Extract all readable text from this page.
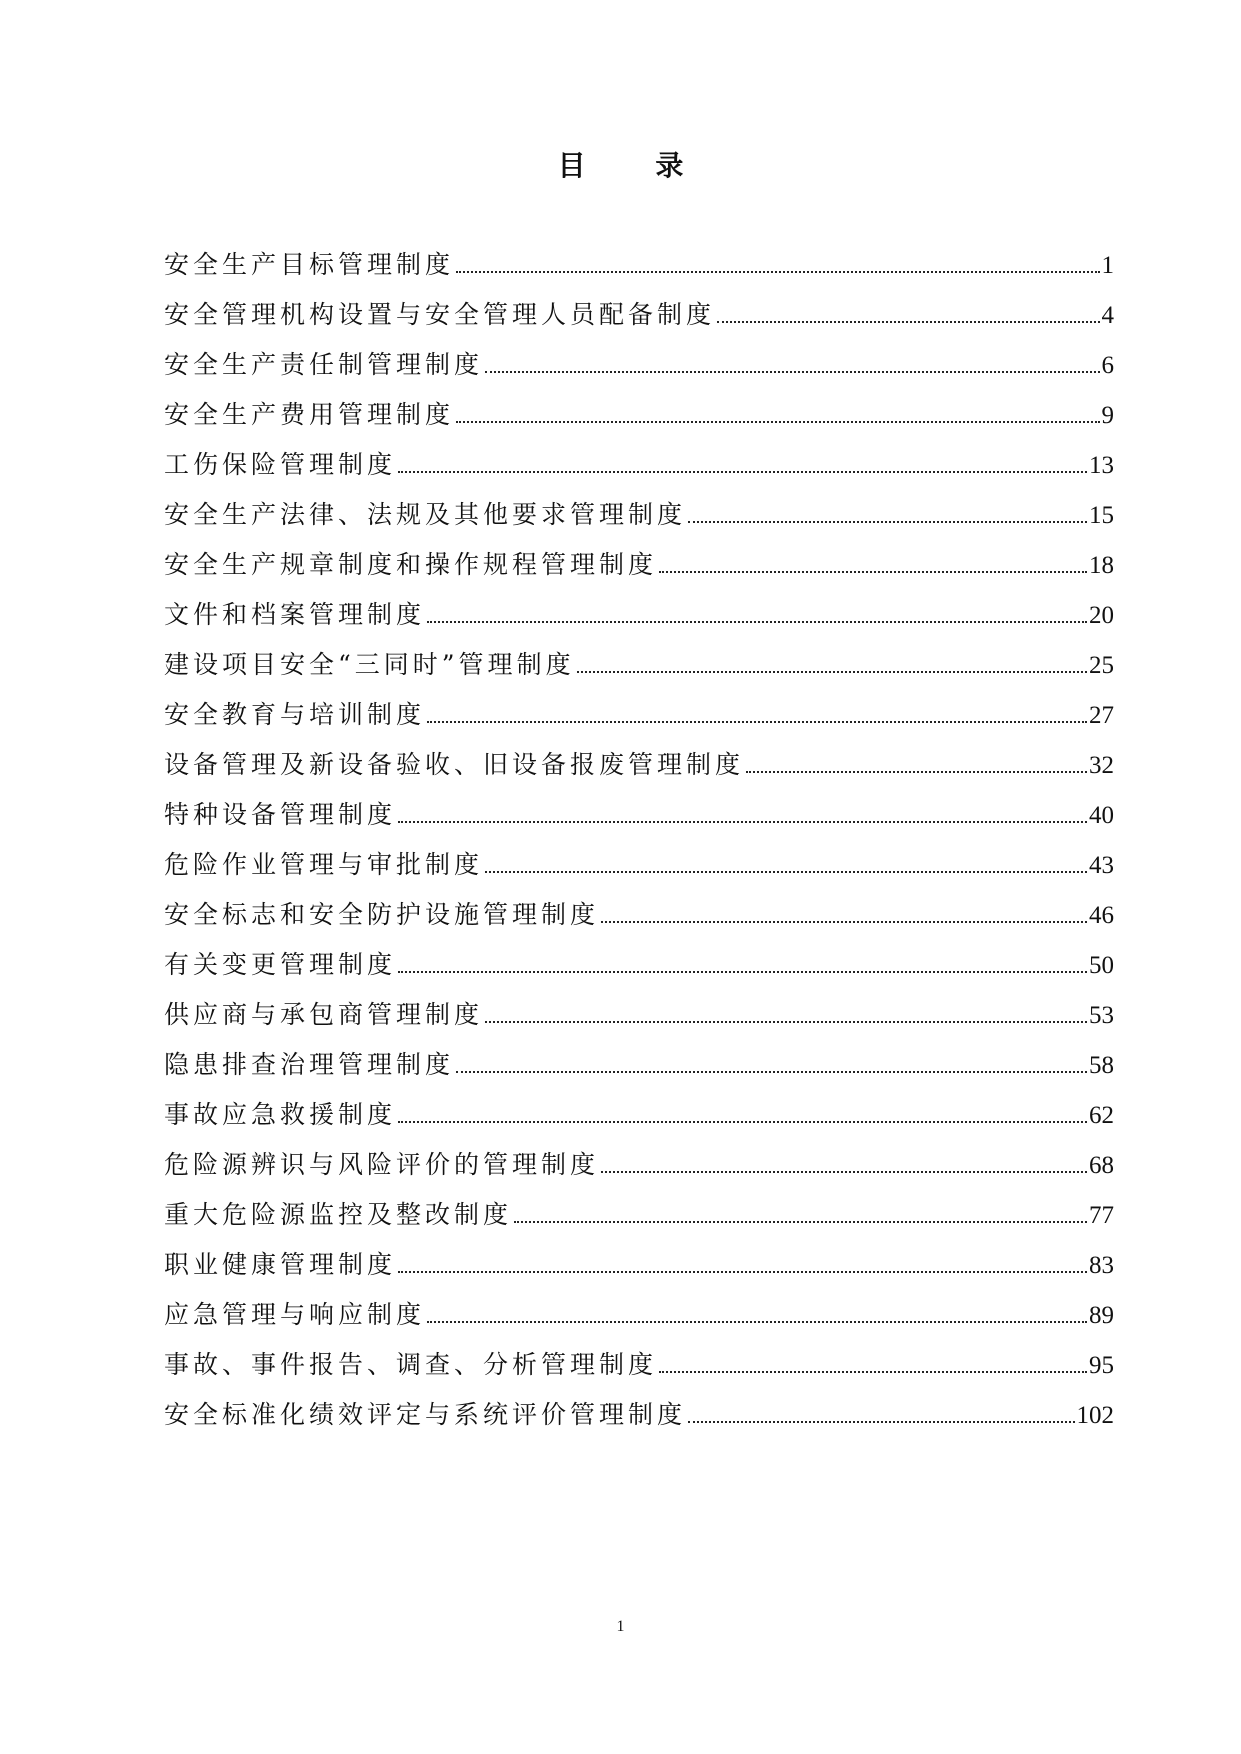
目 录
安全生产目标管理制度	1
安全管理机构设置与安全管理人员配备制度	4
安全生产责任制管理制度	6
安全生产费用管理制度	9
工伤保险管理制度	13
安全生产法律、法规及其他要求管理制度	15
安全生产规章制度和操作规程管理制度	18
文件和档案管理制度	20
建设项目安全“三同时”管理制度	25
安全教育与培训制度	27
设备管理及新设备验收、旧设备报废管理制度	32
特种设备管理制度	40
危险作业管理与审批制度	43
安全标志和安全防护设施管理制度	46
有关变更管理制度	50
供应商与承包商管理制度	53
隐患排查治理管理制度	58
事故应急救援制度	62
危险源辨识与风险评价的管理制度	68
重大危险源监控及整改制度	77
职业健康管理制度	83
应急管理与响应制度	89
事故、事件报告、调查、分析管理制度	95
安全标准化绩效评定与系统评价管理制度	102
1
